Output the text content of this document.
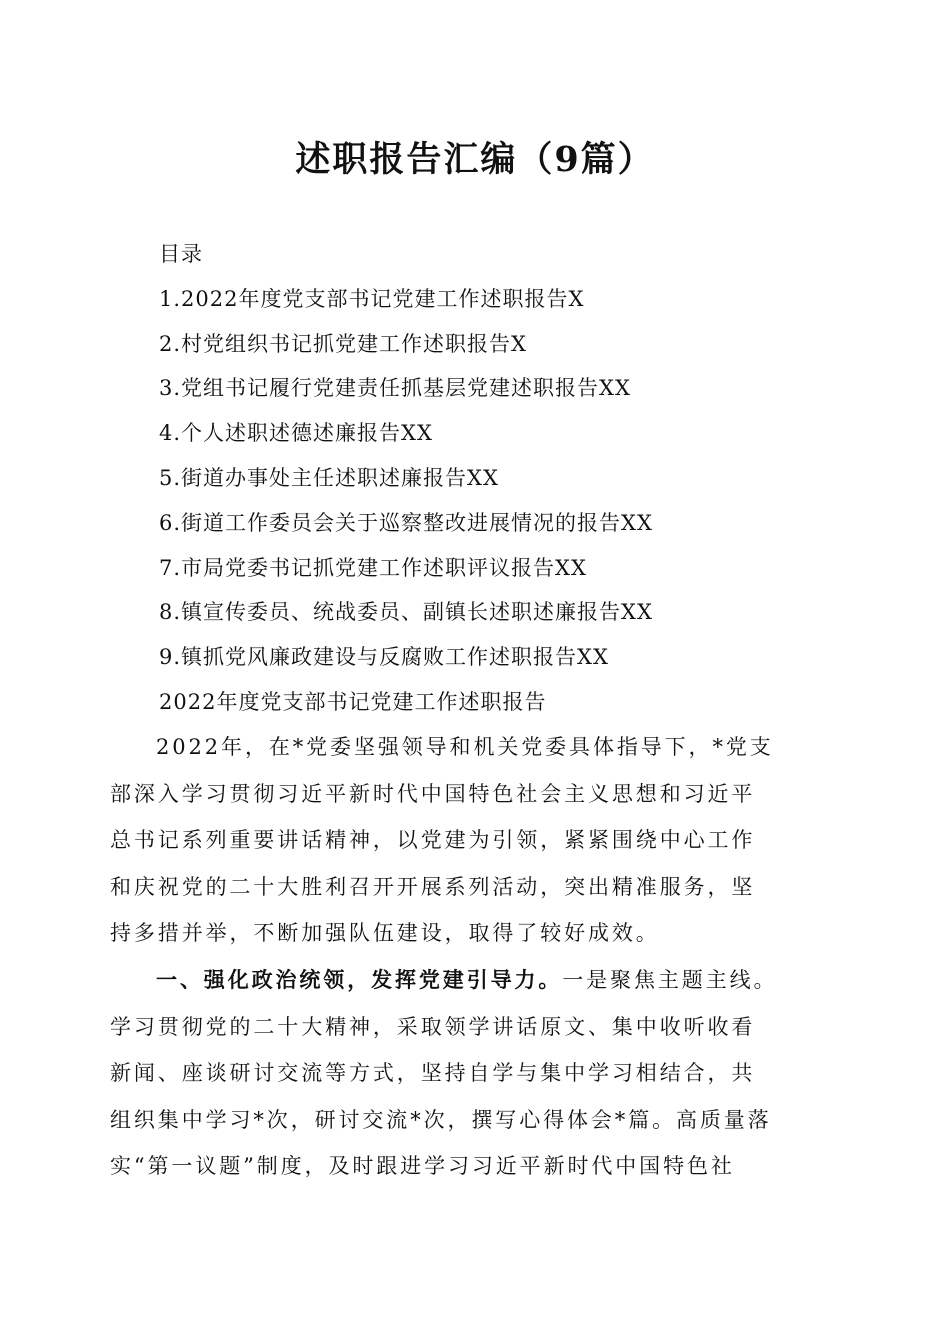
述职报告汇编（9篇）
目录
1.2022年度党支部书记党建工作述职报告X
2.村党组织书记抓党建工作述职报告X
3.党组书记履行党建责任抓基层党建述职报告XX
4.个人述职述德述廉报告XX
5.街道办事处主任述职述廉报告XX
6.街道工作委员会关于巡察整改进展情况的报告XX
7.市局党委书记抓党建工作述职评议报告XX
8.镇宣传委员、统战委员、副镇长述职述廉报告XX
9.镇抓党风廉政建设与反腐败工作述职报告XX
2022年度党支部书记党建工作述职报告

2022年，在*党委坚强领导和机关党委具体指导下，*党支
部深入学习贯彻习近平新时代中国特色社会主义思想和习近平
总书记系列重要讲话精神，以党建为引领，紧紧围绕中心工作
和庆祝党的二十大胜利召开开展系列活动，突出精准服务，坚
持多措并举，不断加强队伍建设，取得了较好成效。

一、强化政治统领，发挥党建引导力。一是聚焦主题主线。
学习贯彻党的二十大精神，采取领学讲话原文、集中收听收看
新闻、座谈研讨交流等方式，坚持自学与集中学习相结合，共
组织集中学习*次，研讨交流*次，撰写心得体会*篇。高质量落
实“第一议题”制度，及时跟进学习习近平新时代中国特色社
